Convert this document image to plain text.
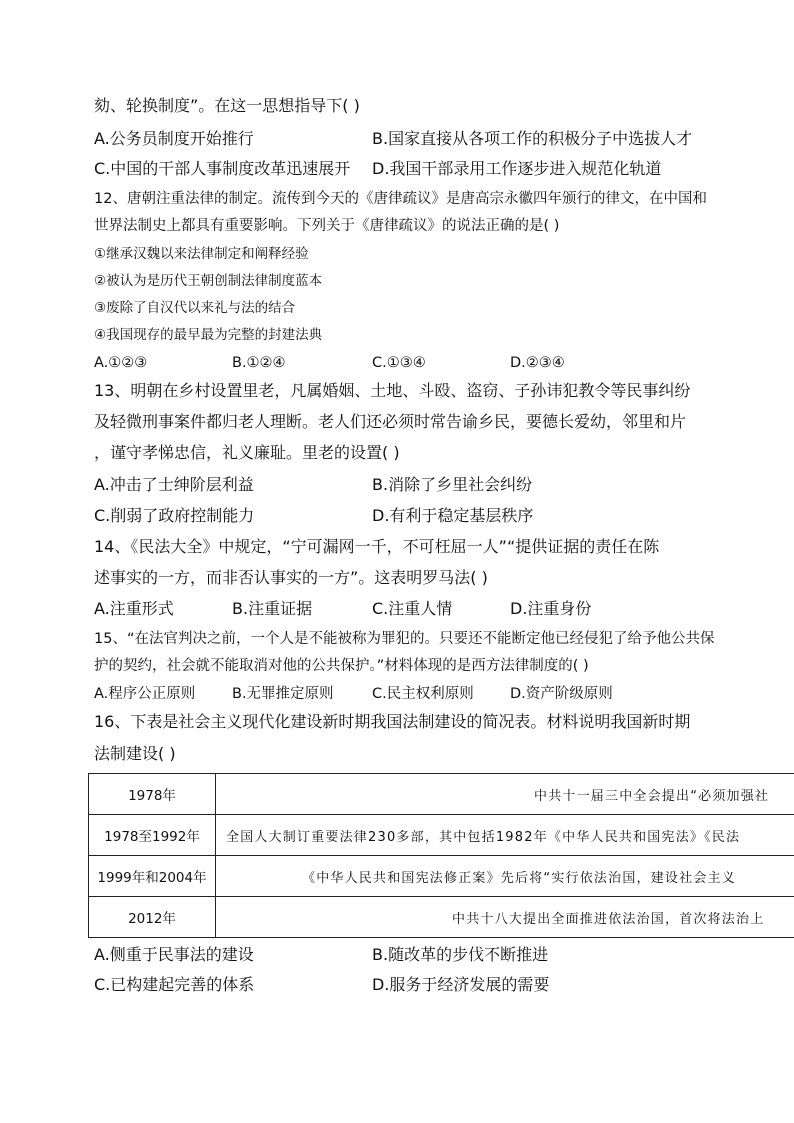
劾、轮换制度”。在这一思想指导下( )
A.公务员制度开始推行	B.国家直接从各项工作的积极分子中选拔人才
C.中国的干部人事制度改革迅速展开 D.我国干部录用工作逐步进入规范化轨道
12、唐朝注重法律的制定。流传到今天的《唐律疏议》是唐高宗永徽四年颁行的律文，在中国和
世界法制史上都具有重要影响。下列关于《唐律疏议》的说法正确的是( )
①继承汉魏以来法律制定和阐释经验
②被认为是历代王朝创制法律制度蓝本
③废除了自汉代以来礼与法的结合
④我国现存的最早最为完整的封建法典
A.①②③	B.①②④	C.①③④	D.②③④
13、明朝在乡村设置里老，凡属婚姻、土地、斗殴、盗窃、子孙讳犯教令等民事纠纷
及轻微刑事案件都归老人理断。老人们还必须时常告谕乡民，要德长爱幼，邻里和片
，谨守孝悌忠信，礼义廉耻。里老的设置( )
A.冲击了士绅阶层利益	B.消除了乡里社会纠纷
C.削弱了政府控制能力	D.有利于稳定基层秩序
14、《民法大全》中规定，“宁可漏网一千，不可枉屈一人”“提供证据的责任在陈
述事实的一方，而非否认事实的一方”。这表明罗马法( )
A.注重形式	B.注重证据	C.注重人情	D.注重身份
15、“在法官判决之前，一个人是不能被称为罪犯的。只要还不能断定他已经侵犯了给予他公共保
护的契约，社会就不能取消对他的公共保护。”材料体现的是西方法律制度的( )
A.程序公正原则	B.无罪推定原则	C.民主权利原则	D.资产阶级原则
16、下表是社会主义现代化建设新时期我国法制建设的简况表。材料说明我国新时期
法制建设( )
1978年	中共十一届三中全会提出“必须加强社
1978至1992年	全国人大制订重要法律230多部，其中包括1982年《中华人民共和国宪法》《民法
1999年和2004年	《中华人民共和国宪法修正案》先后将“实行依法治国，建设社会主义
2012年	中共十八大提出全面推进依法治国，首次将法治上
A.侧重于民事法的建设	B.随改革的步伐不断推进
C.已构建起完善的体系	D.服务于经济发展的需要
